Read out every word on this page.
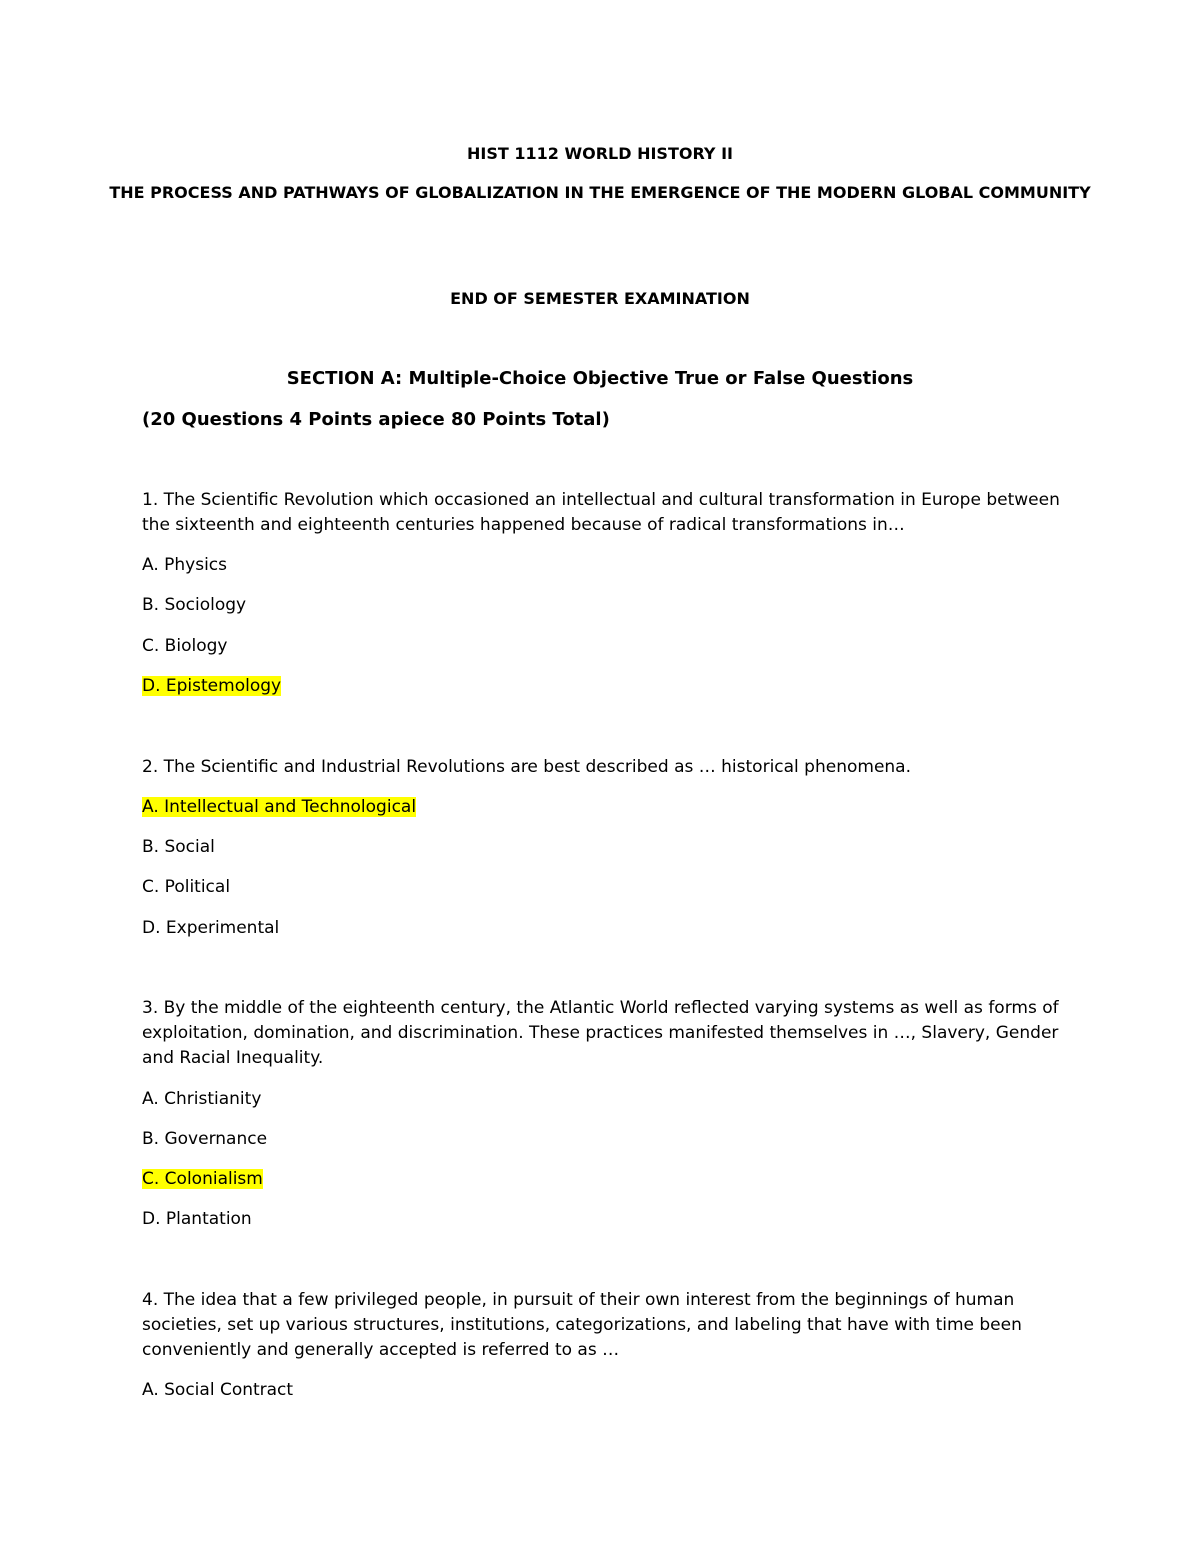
HIST 1112 WORLD HISTORY II

THE PROCESS AND PATHWAYS OF GLOBALIZATION IN THE EMERGENCE OF THE MODERN GLOBAL COMMUNITY

END OF SEMESTER EXAMINATION

SECTION A: Multiple-Choice Objective True or False Questions

(20 Questions 4 Points apiece 80 Points Total)

1. The Scientific Revolution which occasioned an intellectual and cultural transformation in Europe between the sixteenth and eighteenth centuries happened because of radical transformations in…

A. Physics

B. Sociology

C. Biology

D. Epistemology

2. The Scientific and Industrial Revolutions are best described as … historical phenomena.

A. Intellectual and Technological

B. Social

C. Political

D. Experimental

3. By the middle of the eighteenth century, the Atlantic World reflected varying systems as well as forms of exploitation, domination, and discrimination. These practices manifested themselves in …, Slavery, Gender and Racial Inequality.

A. Christianity

B. Governance

C. Colonialism

D. Plantation

4. The idea that a few privileged people, in pursuit of their own interest from the beginnings of human societies, set up various structures, institutions, categorizations, and labeling that have with time been conveniently and generally accepted is referred to as …

A. Social Contract
